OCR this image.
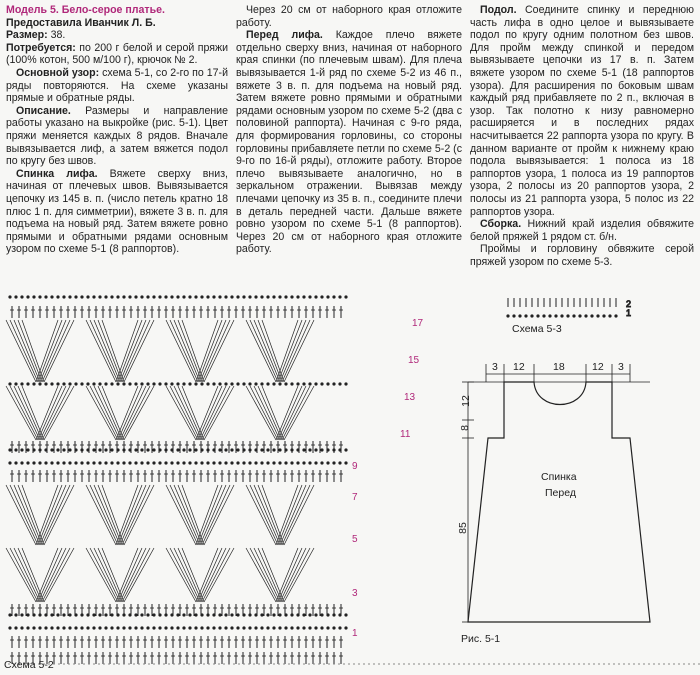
Модель 5. Бело-серое платье.

Предоставила Иванчик Л. Б.

Размер: 38.

Потребуется: по 200 г белой и серой пряжи (100% котон, 500 м/100 г), крючок № 2.

Основной узор: схема 5-1, со 2-го по 17-й ряды повторяются. На схеме указаны прямые и обратные ряды.

Описание. Размеры и направление работы указано на выкройке (рис. 5-1). Цвет пряжи меняется каждых 8 рядов. Вначале вывязывается лиф, а затем вяжется подол по кругу без швов.

Спинка лифа. Вяжете сверху вниз, начиная от плечевых швов. Вывязывается цепочку из 145 в. п. (число петель кратно 18 плюс 1 п. для симметрии), вяжете 3 в. п. для подъема на новый ряд. Затем вяжете ровно прямыми и обратными рядами основным узором по схеме 5-1 (8 раппортов).

Через 20 см от наборного края отложите работу.

Перед лифа. Каждое плечо вяжете отдельно сверху вниз, начиная от наборного края спинки (по плечевым швам). Для плеча вывязывается 1-й ряд по схеме 5-2 из 46 п., вяжете 3 в. п. для подъема на новый ряд. Затем вяжете ровно прямыми и обратными рядами основным узором по схеме 5-2 (два с половиной раппорта). Начиная с 9-го ряда, для формирования горловины, со стороны горловины прибавляете петли по схеме 5-2 (с 9-го по 16-й ряды), отложите работу. Второе плечо вывязываете аналогично, но в зеркальном отражении. Вывязав между плечами цепочку из 35 в. п., соедините плечи в деталь передней части. Дальше вяжете ровно узором по схеме 5-1 (8 раппортов). Через 20 см от наборного края отложите работу.

Подол. Соедините спинку и переднюю часть лифа в одно целое и вывязываете подол по кругу одним полотном без швов. Для пройм между спинкой и передом вывязываете цепочки из 17 в. п. Затем вяжете узором по схеме 5-1 (18 раппортов узора). Для расширения по боковым швам каждый ряд прибавляете по 2 п., включая в узор. Так полотно к низу равномерно расширяется и в последних рядах насчитывается 22 раппорта узора по кругу. В данном варианте от пройм к нижнему краю подола вывязывается: 1 полоса из 18 раппортов узора, 1 полоса из 19 раппортов узора, 2 полосы из 20 раппортов узора, 2 полосы из 21 раппорта узора, 5 полос из 22 раппортов узора.

Сборка. Нижний край изделия обвяжите белой пряжей 1 рядом ст. б/н.

Проймы и горловину обвяжите серой пряжей узором по схеме 5-3.

17
15
13
11
9
7
5
3
1
2
1
3 12	18	12 3
12
8
85
Спинка
Перед
Рис. 5-1
Схема 5-3
Схема 5-2
